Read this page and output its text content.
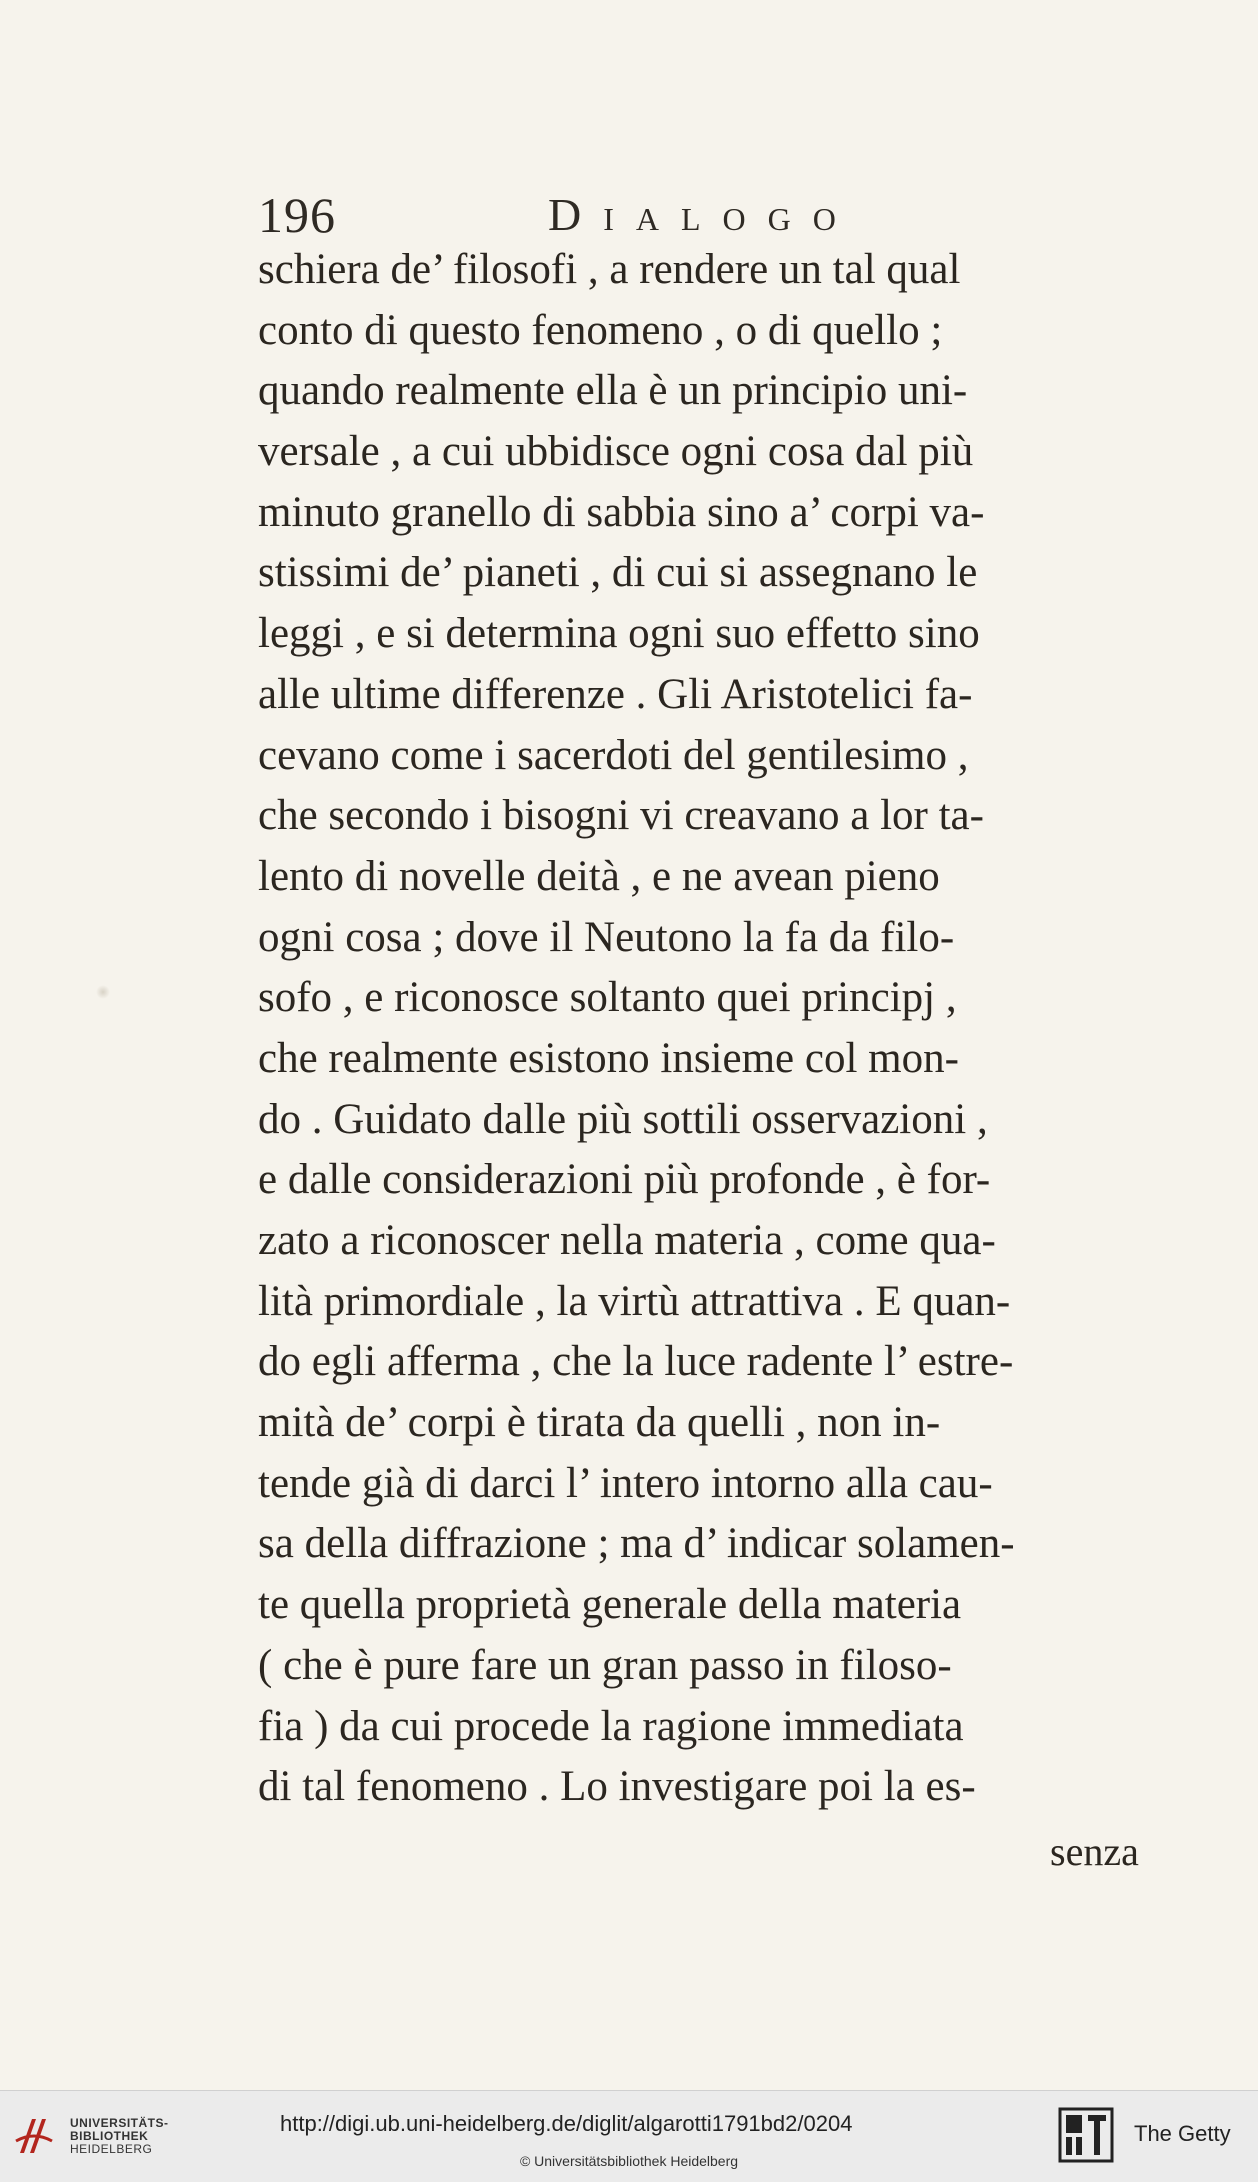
196	Dialogo
schiera de’ filosofi , a rendere un tal qual
conto di questo fenomeno , o di quello ;
quando realmente ella è un principio uni-
versale , a cui ubbidisce ogni cosa dal più
minuto granello di sabbia sino a’ corpi va-
stissimi de’ pianeti , di cui si assegnano le
leggi , e si determina ogni suo effetto sino
alle ultime differenze . Gli Aristotelici fa-
cevano come i sacerdoti del gentilesimo ,
che secondo i bisogni vi creavano a lor ta-
lento di novelle deità , e ne avean pieno
ogni cosa ; dove il Neutono la fa da filo-
sofo , e riconosce soltanto quei principj ,
che realmente esistono insieme col mon-
do . Guidato dalle più sottili osservazioni ,
e dalle considerazioni più profonde , è for-
zato a riconoscer nella materia , come qua-
lità primordiale , la virtù attrattiva . E quan-
do egli afferma , che la luce radente l’ estre-
mità de’ corpi è tirata da quelli , non in-
tende già di darci l’ intero intorno alla cau-
sa della diffrazione ; ma d’ indicar solamen-
te quella proprietà generale della materia
( che è pure fare un gran passo in filoso-
fia ) da cui procede la ragione immediata
di tal fenomeno . Lo investigare poi la es-
senza
UNIVERSITÄTS-
BIBLIOTHEK
HEIDELBERG
http://digi.ub.uni-heidelberg.de/diglit/algarotti1791bd2/0204
© Universitätsbibliothek Heidelberg
The Getty
